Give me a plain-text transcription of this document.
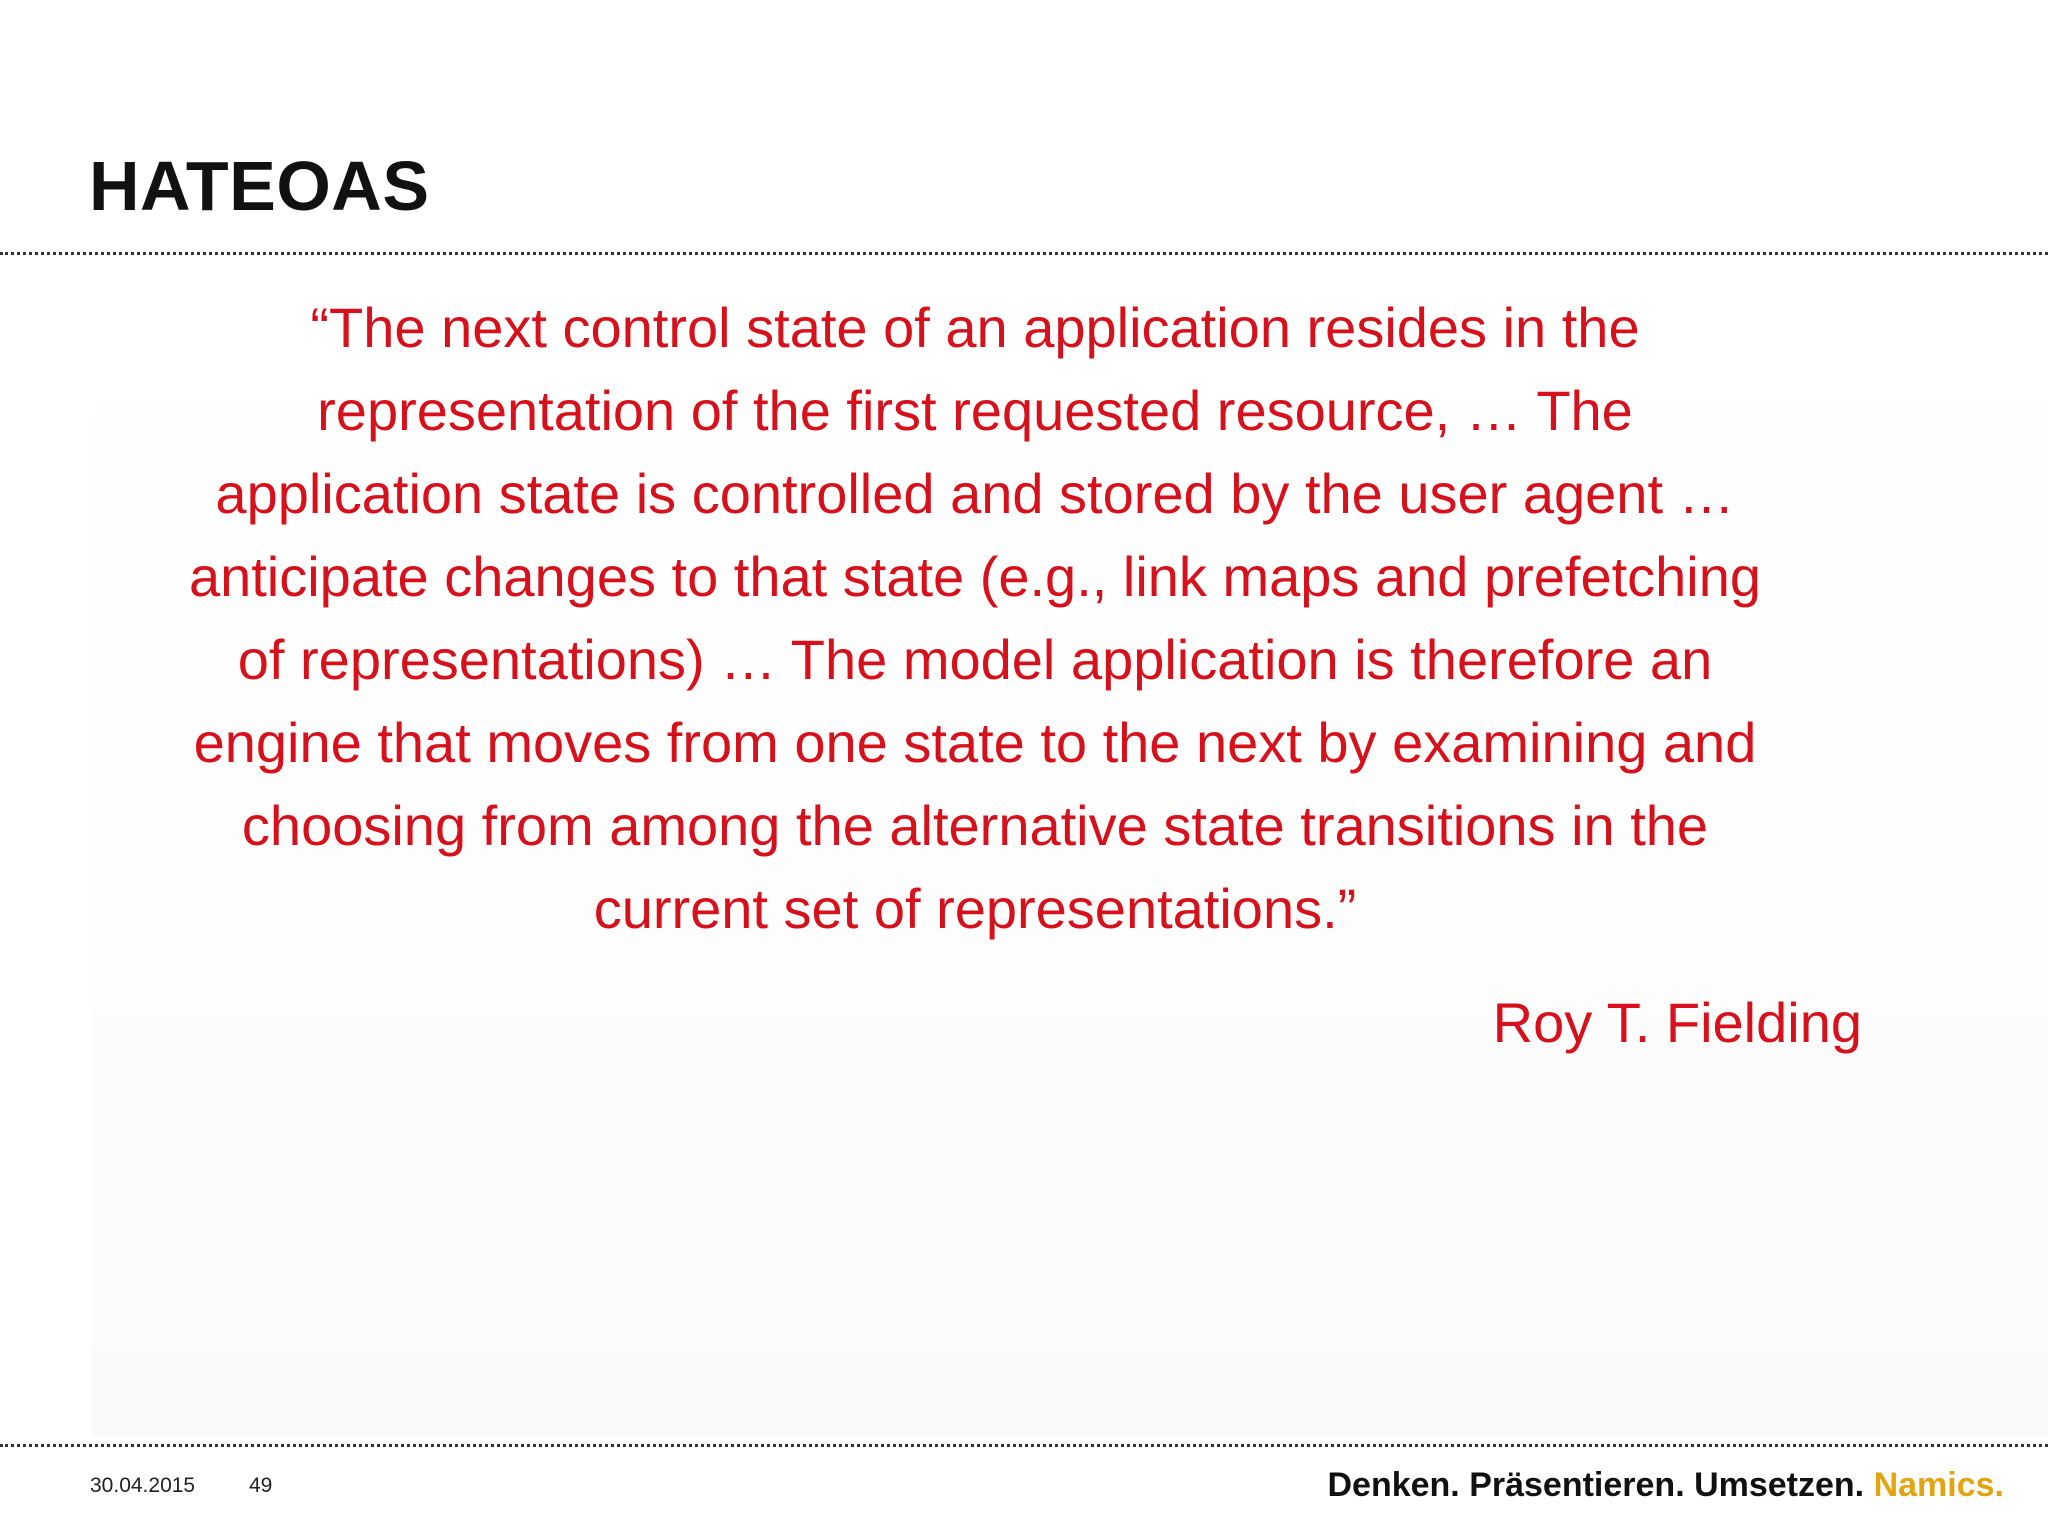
HATEOAS

“The next control state of an application resides in the
representation of the first requested resource, … The
application state is controlled and stored by the user agent …
anticipate changes to that state (e.g., link maps and prefetching
of representations) … The model application is therefore an
engine that moves from one state to the next by examining and
choosing from among the alternative state transitions in the
current set of representations.”

Roy T. Fielding
30.04.2015	49	Denken. Präsentieren. Umsetzen. Namics.
